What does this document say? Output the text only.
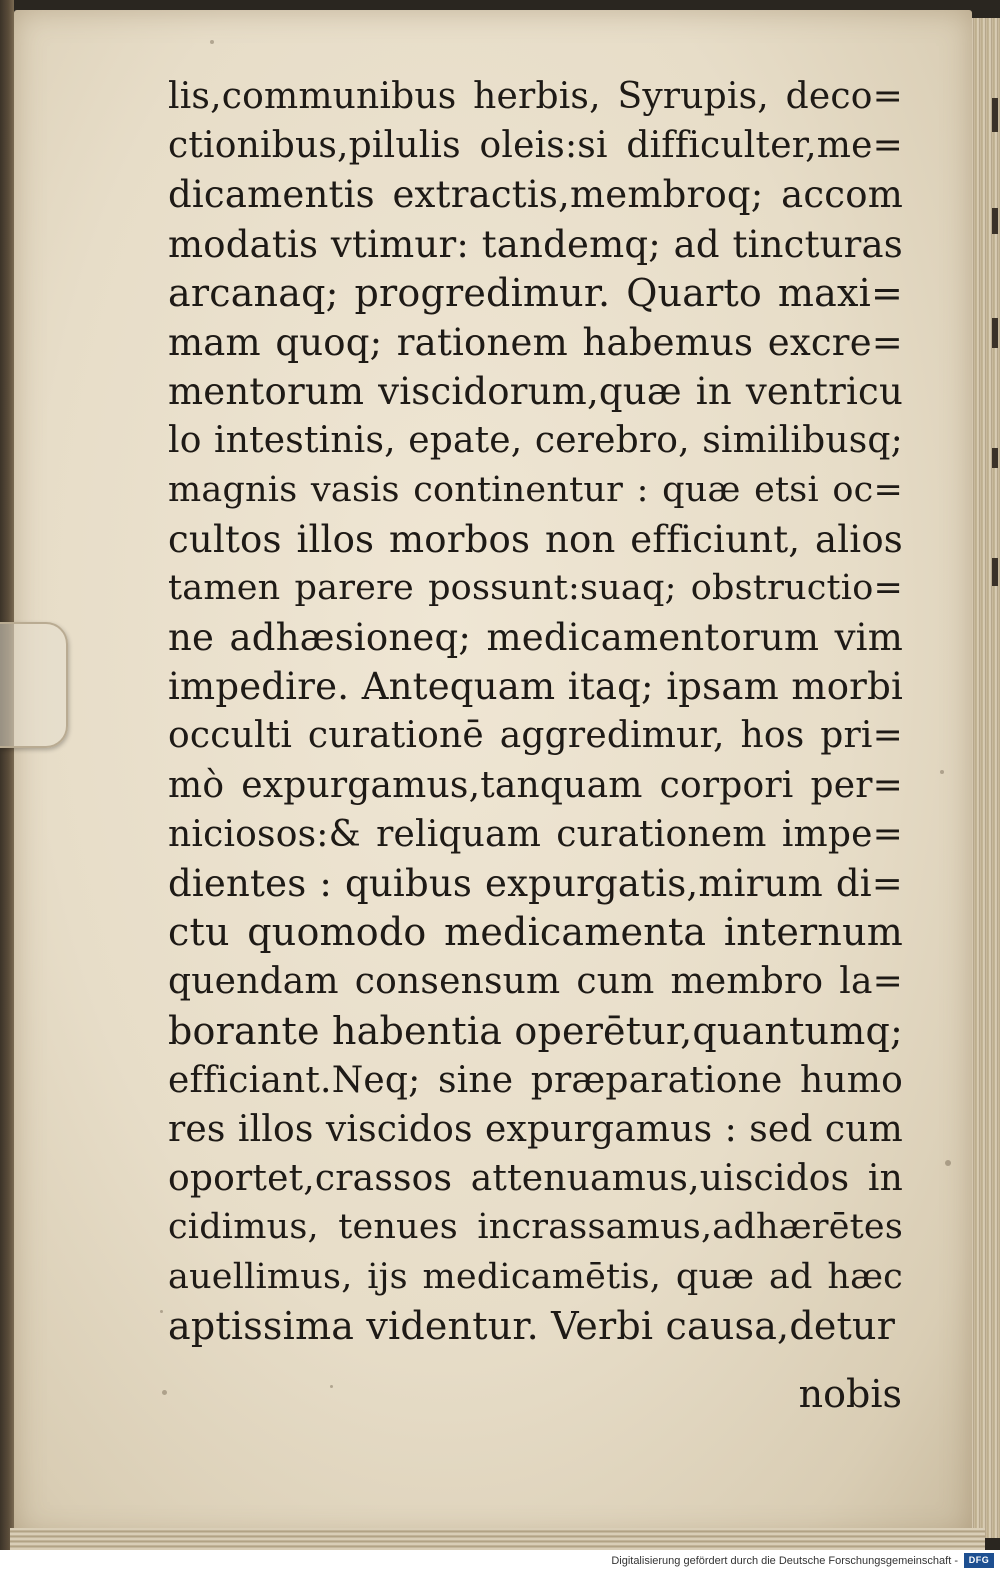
lis,communibus herbis, Syrupis, deco=
ctionibus,pilulis oleis:si difficulter,me=
dicamentis extractis,membroq; accom
modatis vtimur: tandemq; ad tincturas
arcanaq; progredimur. Quarto maxi=
mam quoq; rationem habemus excre=
mentorum viscidorum,quæ in ventricu
lo intestinis, epate, cerebro, similibusq;
magnis vasis continentur : quæ etsi oc=
cultos illos morbos non efficiunt, alios
tamen parere possunt:suaq; obstructio=
ne adhæsioneq; medicamentorum vim
impedire. Antequam itaq; ipsam morbi
occulti curationē aggredimur, hos pri=
mò expurgamus,tanquam corpori per=
niciosos:& reliquam curationem impe=
dientes : quibus expurgatis,mirum di=
ctu quomodo medicamenta internum
quendam consensum cum membro la=
borante habentia operētur,quantumq;
efficiant.Neq; sine præparatione humo
res illos viscidos expurgamus : sed cum
oportet,crassos attenuamus,uiscidos in
cidimus, tenues incrassamus,adhærētes
auellimus, ijs medicamētis, quæ ad hæc
aptissima videntur. Verbi causa,detur
nobis
Digitalisierung gefördert durch die Deutsche Forschungsgemeinschaft -	DFG
